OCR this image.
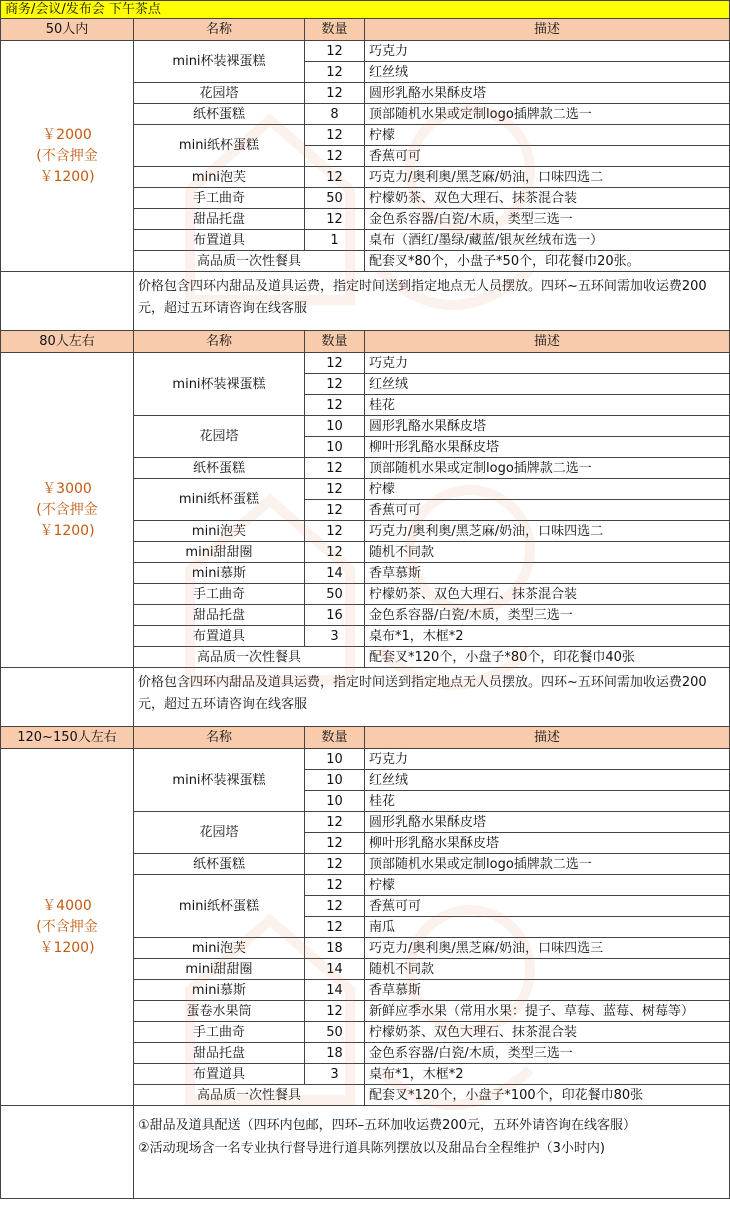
商务/会议/发布会 下午茶点			
50人内	名称	数量	描述

￥2000
(不含押金
￥1200)	mini杯装裸蛋糕	12	巧克力
		12	红丝绒
	花园塔	12	圆形乳酪水果酥皮塔
	纸杯蛋糕	8	顶部随机水果或定制logo插牌款二选一
	mini纸杯蛋糕	12	柠檬
		12	香蕉可可
	mini泡芙	12	巧克力/奥利奥/黑芝麻/奶油，口味四选二
	手工曲奇	50	柠檬奶茶、双色大理石、抹茶混合装
	甜品托盘	12	金色系容器/白瓷/木质，类型三选一
	布置道具	1	桌布（酒红/墨绿/藏蓝/银灰丝绒布选一）
	高品质一次性餐具		配套叉*80个，小盘子*50个，印花餐巾20张。
	价格包含四环内甜品及道具运费，指定时间送到指定地点无人员摆放。四环~五环间需加收运费200元，超过五环请咨询在线客服		
80人左右	名称	数量	描述

￥3000
(不含押金
￥1200)	mini杯装裸蛋糕	12	巧克力
		12	红丝绒
		12	桂花
	花园塔	10	圆形乳酪水果酥皮塔
		10	柳叶形乳酪水果酥皮塔
	纸杯蛋糕	12	顶部随机水果或定制logo插牌款二选一
	mini纸杯蛋糕	12	柠檬
		12	香蕉可可
	mini泡芙	12	巧克力/奥利奥/黑芝麻/奶油，口味四选二
	mini甜甜圈	12	随机不同款
	mini慕斯	14	香草慕斯
	手工曲奇	50	柠檬奶茶、双色大理石、抹茶混合装
	甜品托盘	16	金色系容器/白瓷/木质，类型三选一
	布置道具	3	桌布*1，木框*2
	高品质一次性餐具		配套叉*120个，小盘子*80个，印花餐巾40张
	价格包含四环内甜品及道具运费，指定时间送到指定地点无人员摆放。四环~五环间需加收运费200元，超过五环请咨询在线客服		
120~150人左右	名称	数量	描述

￥4000
(不含押金
￥1200)	mini杯装裸蛋糕	10	巧克力
		10	红丝绒
		10	桂花
	花园塔	12	圆形乳酪水果酥皮塔
		12	柳叶形乳酪水果酥皮塔
	纸杯蛋糕	12	顶部随机水果或定制logo插牌款二选一
	mini纸杯蛋糕	12	柠檬
		12	香蕉可可
		12	南瓜
	mini泡芙	18	巧克力/奥利奥/黑芝麻/奶油，口味四选三
	mini甜甜圈	14	随机不同款
	mini慕斯	14	香草慕斯
	蛋卷水果筒	12	新鲜应季水果（常用水果：提子、草莓、蓝莓、树莓等）
	手工曲奇	50	柠檬奶茶、双色大理石、抹茶混合装
	甜品托盘	18	金色系容器/白瓷/木质，类型三选一
	布置道具	3	桌布*1，木框*2
	高品质一次性餐具		配套叉*120个，小盘子*100个，印花餐巾80张

	①甜品及道具配送（四环内包邮，四环–五环加收运费200元，五环外请咨询在线客服）
②活动现场含一名专业执行督导进行道具陈列摆放以及甜品台全程维护（3小时内)		
